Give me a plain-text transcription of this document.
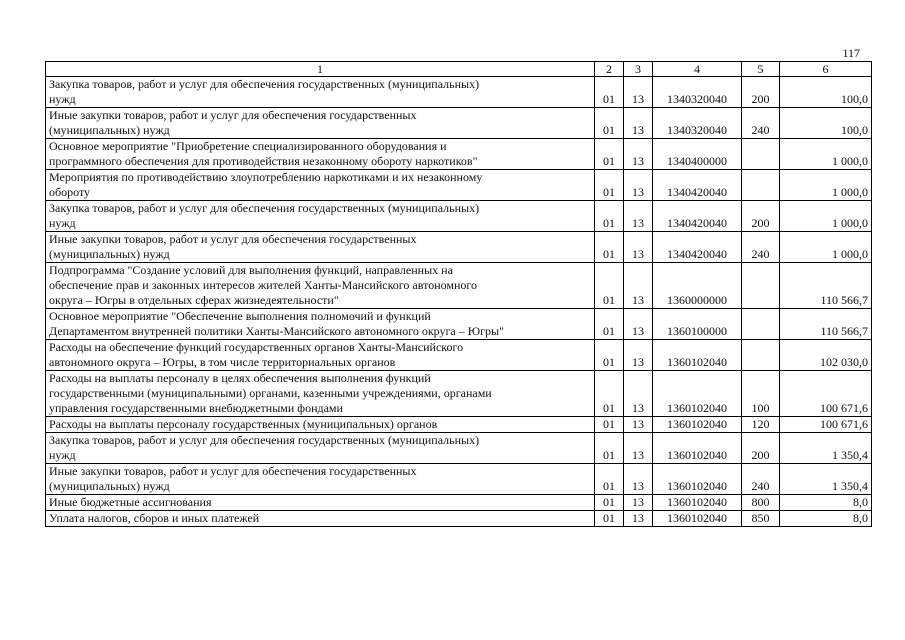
117
1	2	3	4	5	6
Закупка товаров, работ и услуг для обеспечения государственных (муниципальных)
нужд	01	13	1340320040	200	100,0
Иные закупки товаров, работ и услуг для обеспечения государственных
(муниципальных) нужд	01	13	1340320040	240	100,0
Основное мероприятие "Приобретение специализированного оборудования и
программного обеспечения для противодействия незаконному обороту наркотиков"	01	13	1340400000		1 000,0
Мероприятия по противодействию злоупотреблению наркотиками и их незаконному
обороту	01	13	1340420040		1 000,0
Закупка товаров, работ и услуг для обеспечения государственных (муниципальных)
нужд	01	13	1340420040	200	1 000,0
Иные закупки товаров, работ и услуг для обеспечения государственных
(муниципальных) нужд	01	13	1340420040	240	1 000,0
Подпрограмма "Создание условий для выполнения функций, направленных на
обеспечение прав и законных интересов жителей Ханты-Мансийского автономного
округа – Югры в отдельных сферах жизнедеятельности"	01	13	1360000000		110 566,7
Основное мероприятие "Обеспечение выполнения полномочий и функций
Департаментом внутренней политики Ханты-Мансийского автономного округа – Югры"	01	13	1360100000		110 566,7
Расходы на обеспечение функций государственных органов Ханты-Мансийского
автономного округа – Югры, в том числе территориальных органов	01	13	1360102040		102 030,0
Расходы на выплаты персоналу в целях обеспечения выполнения функций
государственными (муниципальными) органами, казенными учреждениями, органами
управления государственными внебюджетными фондами	01	13	1360102040	100	100 671,6
Расходы на выплаты персоналу государственных (муниципальных) органов	01	13	1360102040	120	100 671,6
Закупка товаров, работ и услуг для обеспечения государственных (муниципальных)
нужд	01	13	1360102040	200	1 350,4
Иные закупки товаров, работ и услуг для обеспечения государственных
(муниципальных) нужд	01	13	1360102040	240	1 350,4
Иные бюджетные ассигнования	01	13	1360102040	800	8,0
Уплата налогов, сборов и иных платежей	01	13	1360102040	850	8,0
